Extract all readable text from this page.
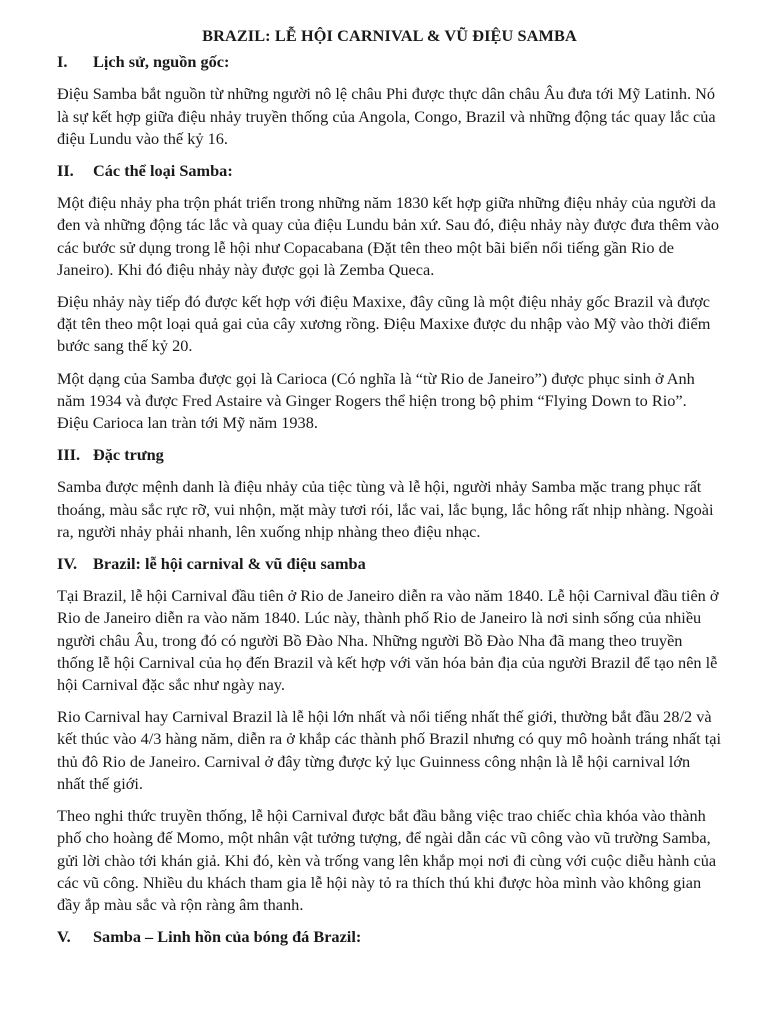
BRAZIL: LỄ HỘI CARNIVAL & VŨ ĐIỆU SAMBA
I.	Lịch sử, nguồn gốc:
Điệu Samba bắt nguồn từ những người nô lệ châu Phi được thực dân châu Âu đưa tới Mỹ Latinh. Nó là sự kết hợp giữa điệu nhảy truyền thống của Angola, Congo, Brazil và những động tác quay lắc của điệu Lundu vào thế kỷ 16.
II.	Các thể loại Samba:
Một điệu nhảy pha trộn phát triển trong những năm 1830 kết hợp giữa những điệu nhảy của người da đen và những động tác lắc và quay của điệu Lundu bản xứ. Sau đó, điệu nhảy này được đưa thêm vào các bước sử dụng trong lễ hội như Copacabana (Đặt tên theo một bãi biển nổi tiếng gần Rio de Janeiro). Khi đó điệu nhảy này được gọi là Zemba Queca.
Điệu nhảy này tiếp đó được kết hợp với điệu Maxixe, đây cũng là một điệu nhảy gốc Brazil và được đặt tên theo một loại quả gai của cây xương rồng. Điệu Maxixe được du nhập vào Mỹ vào thời điểm bước sang thế kỷ 20.
Một dạng của Samba được gọi là Carioca (Có nghĩa là “từ Rio de Janeiro”) được phục sinh ở Anh năm 1934 và được Fred Astaire và Ginger Rogers thể hiện trong bộ phim “Flying Down to Rio”. Điệu Carioca lan tràn tới Mỹ năm 1938.
III. Đặc trưng
Samba được mệnh danh là điệu nhảy của tiệc tùng và lễ hội, người nhảy Samba mặc trang phục rất thoáng, màu sắc rực rỡ, vui nhộn, mặt mày tươi rói, lắc vai, lắc bụng, lắc hông rất nhịp nhàng. Ngoài ra, người nhảy phải nhanh, lên xuống nhịp nhàng theo điệu nhạc.
IV. Brazil: lễ hội carnival & vũ điệu samba
Tại Brazil, lễ hội Carnival đầu tiên ở Rio de Janeiro diễn ra vào năm 1840. Lễ hội Carnival đầu tiên ở Rio de Janeiro diễn ra vào năm 1840. Lúc này, thành phố Rio de Janeiro là nơi sinh sống của nhiều người châu Âu, trong đó có người Bồ Đào Nha. Những người Bồ Đào Nha đã mang theo truyền thống lễ hội Carnival của họ đến Brazil và kết hợp với văn hóa bản địa của người Brazil để tạo nên lễ hội Carnival đặc sắc như ngày nay.
Rio Carnival hay Carnival Brazil là lễ hội lớn nhất và nổi tiếng nhất thế giới, thường bắt đầu 28/2 và kết thúc vào 4/3 hàng năm, diễn ra ở khắp các thành phố Brazil nhưng có quy mô hoành tráng nhất tại thủ đô Rio de Janeiro. Carnival ở đây từng được kỷ lục Guinness công nhận là lễ hội carnival lớn nhất thế giới.
Theo nghi thức truyền thống, lễ hội Carnival được bắt đầu bằng việc trao chiếc chìa khóa vào thành phố cho hoàng đế Momo, một nhân vật tưởng tượng, để ngài dẫn các vũ công vào vũ trường Samba, gửi lời chào tới khán giả. Khi đó, kèn và trống vang lên khắp mọi nơi đi cùng với cuộc diễu hành của các vũ công. Nhiều du khách tham gia lễ hội này tỏ ra thích thú khi được hòa mình vào không gian đầy ắp màu sắc và rộn ràng âm thanh.
V.	Samba – Linh hồn của bóng đá Brazil:
